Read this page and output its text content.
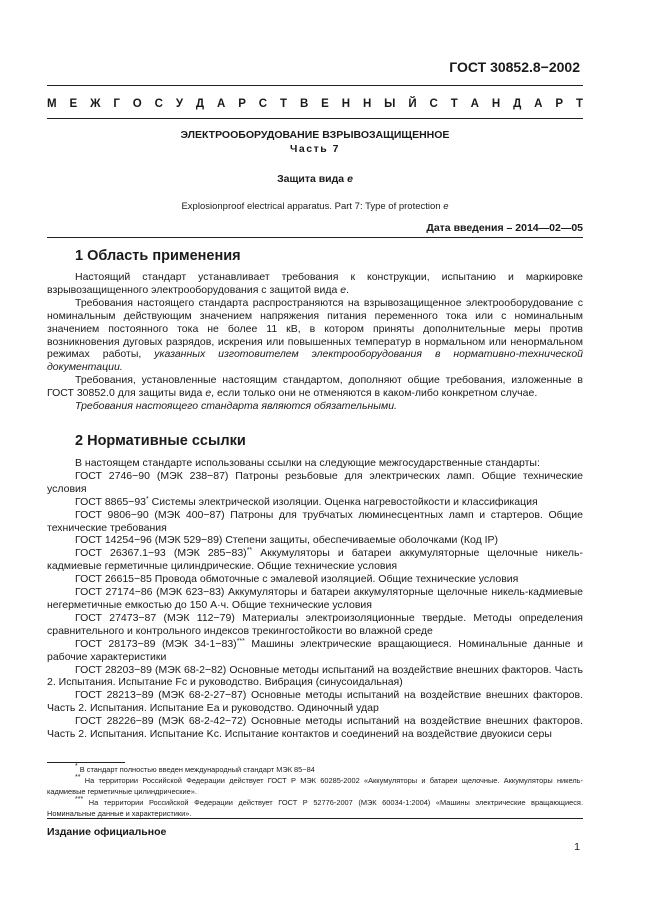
ГОСТ 30852.8−2002
М Е Ж Г О С У Д А Р С Т В Е Н Н Ы Й С Т А Н Д А Р Т
ЭЛЕКТРООБОРУДОВАНИЕ ВЗРЫВОЗАЩИЩЕННОЕ
Часть 7
Защита вида e
Explosionproof electrical apparatus. Part 7: Type of protection e
Дата введения – 2014—02—05
1 Область применения

Настоящий стандарт устанавливает требования к конструкции, испытанию и маркировке взрывозащищенного электрооборудования с защитой вида e.

Требования настоящего стандарта распространяются на взрывозащищенное электрооборудование с номинальным действующим значением напряжения питания переменного тока или с номинальным значением постоянного тока не более 11 кВ, в котором приняты дополнительные меры против возникновения дуговых разрядов, искрения или повышенных температур в нормальном или ненормальном режимах работы, указанных изготовителем электрооборудования в нормативно-технической документации.

Требования, установленные настоящим стандартом, дополняют общие требования, изложенные в ГОСТ 30852.0 для защиты вида e, если только они не отменяются в каком-либо конкретном случае.

Требования настоящего стандарта являются обязательными.

2 Нормативные ссылки

В настоящем стандарте использованы ссылки на следующие межгосударственные стандарты:

ГОСТ 2746−90 (МЭК 238−87) Патроны резьбовые для электрических ламп. Общие технические условия

ГОСТ 8865−93* Системы электрической изоляции. Оценка нагревостойкости и классификация

ГОСТ 9806−90 (МЭК 400−87) Патроны для трубчатых люминесцентных ламп и стартеров. Общие технические требования

ГОСТ 14254−96 (МЭК 529−89) Степени защиты, обеспечиваемые оболочками (Код IP)

ГОСТ 26367.1−93 (МЭК 285−83)** Аккумуляторы и батареи аккумуляторные щелочные никель-кадмиевые герметичные цилиндрические. Общие технические условия

ГОСТ 26615−85 Провода обмоточные с эмалевой изоляцией. Общие технические условия

ГОСТ 27174−86 (МЭК 623−83) Аккумуляторы и батареи аккумуляторные щелочные никель-кадмиевые негерметичные емкостью до 150 А·ч. Общие технические условия

ГОСТ 27473−87 (МЭК 112−79) Материалы электроизоляционные твердые. Методы определения сравнительного и контрольного индексов трекингостойкости во влажной среде

ГОСТ 28173−89 (МЭК 34-1−83)*** Машины электрические вращающиеся. Номинальные данные и рабочие характеристики

ГОСТ 28203−89 (МЭК 68-2−82) Основные методы испытаний на воздействие внешних факторов. Часть 2. Испытания. Испытание Fc и руководство. Вибрация (синусоидальная)

ГОСТ 28213−89 (МЭК 68-2-27−87) Основные методы испытаний на воздействие внешних факторов. Часть 2. Испытания. Испытание Ea и руководство. Одиночный удар

ГОСТ 28226−89 (МЭК 68-2-42−72) Основные методы испытаний на воздействие внешних факторов. Часть 2. Испытания. Испытание Kc. Испытание контактов и соединений на воздействие двуокиси серы

* В стандарт полностью введен международный стандарт МЭК 85−84

** На территории Российской Федерации действует ГОСТ Р МЭК 60285-2002 «Аккумуляторы и батареи щелочные. Аккумуляторы никель-кадмиевые герметичные цилиндрические».

*** На территории Российской Федерации действует ГОСТ Р 52776-2007 (МЭК 60034-1:2004) «Машины электрические вращающиеся. Номинальные данные и характеристики».

Издание официальное
1
